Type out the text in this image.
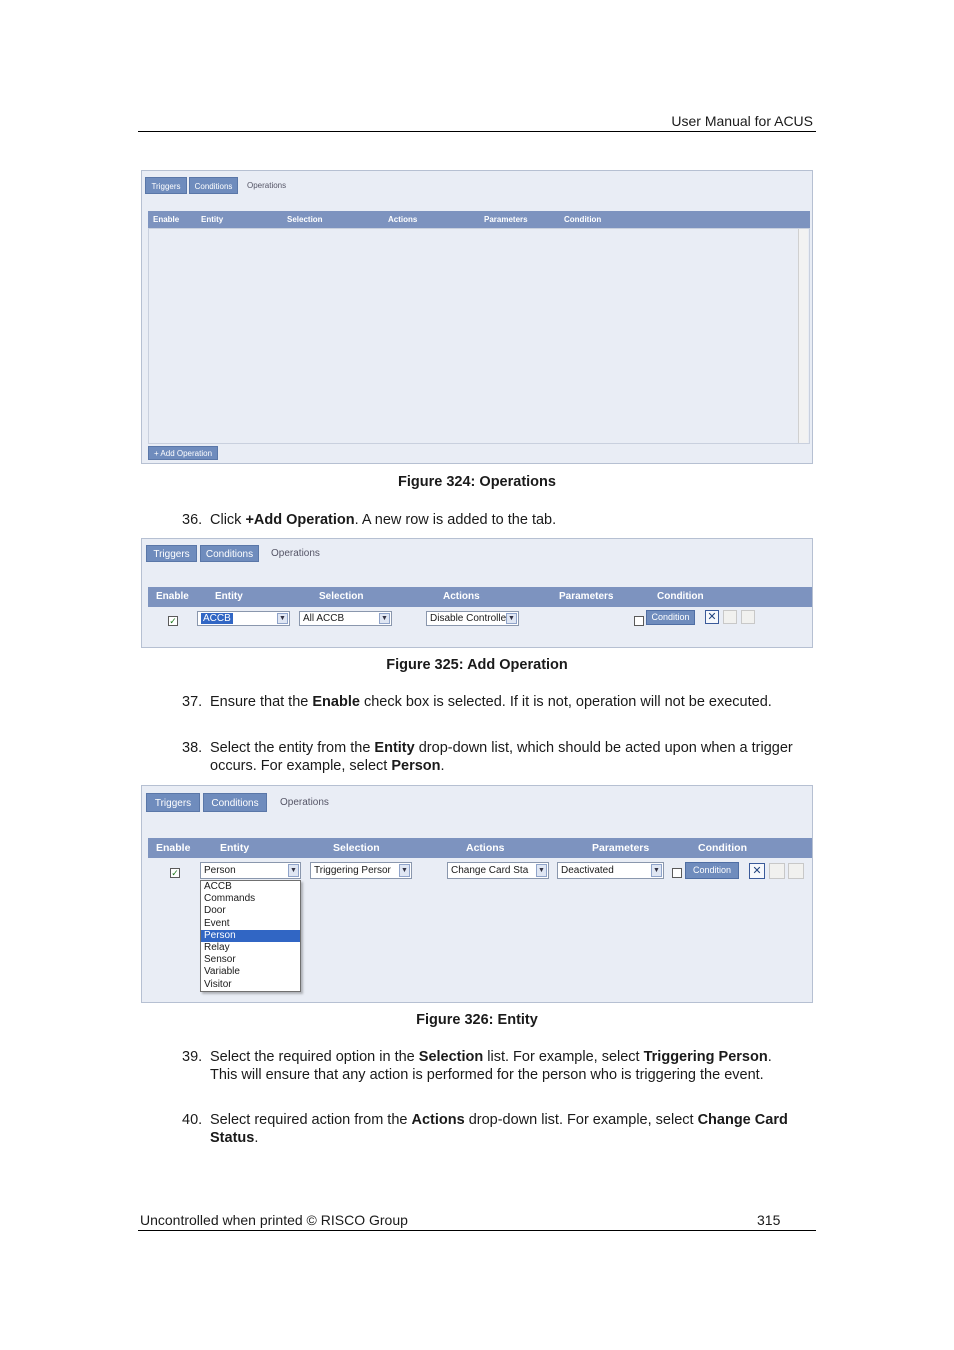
User Manual for ACUS
Triggers	Conditions	Operations
Enable	Entity	Selection	Actions	Parameters	Condition
+ Add Operation
Figure 324: Operations
36. Click +Add Operation. A new row is added to the tab.
Triggers	Conditions	Operations
Enable	Entity	Selection	Actions	Parameters	Condition
✓	ACCB	▼	All ACCB	▼	Disable Controlle ▼	Condition	✕
Figure 325: Add Operation
37. Ensure that the Enable check box is selected. If it is not, operation will not be executed.
38. Select the entity from the Entity drop-down list, which should be acted upon when a trigger occurs. For example, select Person.
Triggers	Conditions	Operations
Enable	Entity	Selection	Actions	Parameters	Condition
✓	Person	▼	Triggering Persor ▼	Change Card Sta ▼	Deactivated	▼	Condition	✕
ACCB
Commands
Door
Event
Person
Relay
Sensor
Variable
Visitor
Figure 326: Entity
39. Select the required option in the Selection list. For example, select Triggering Person. This will ensure that any action is performed for the person who is triggering the event.
40. Select required action from the Actions drop-down list. For example, select Change Card Status.
Uncontrolled when printed © RISCO Group	315
